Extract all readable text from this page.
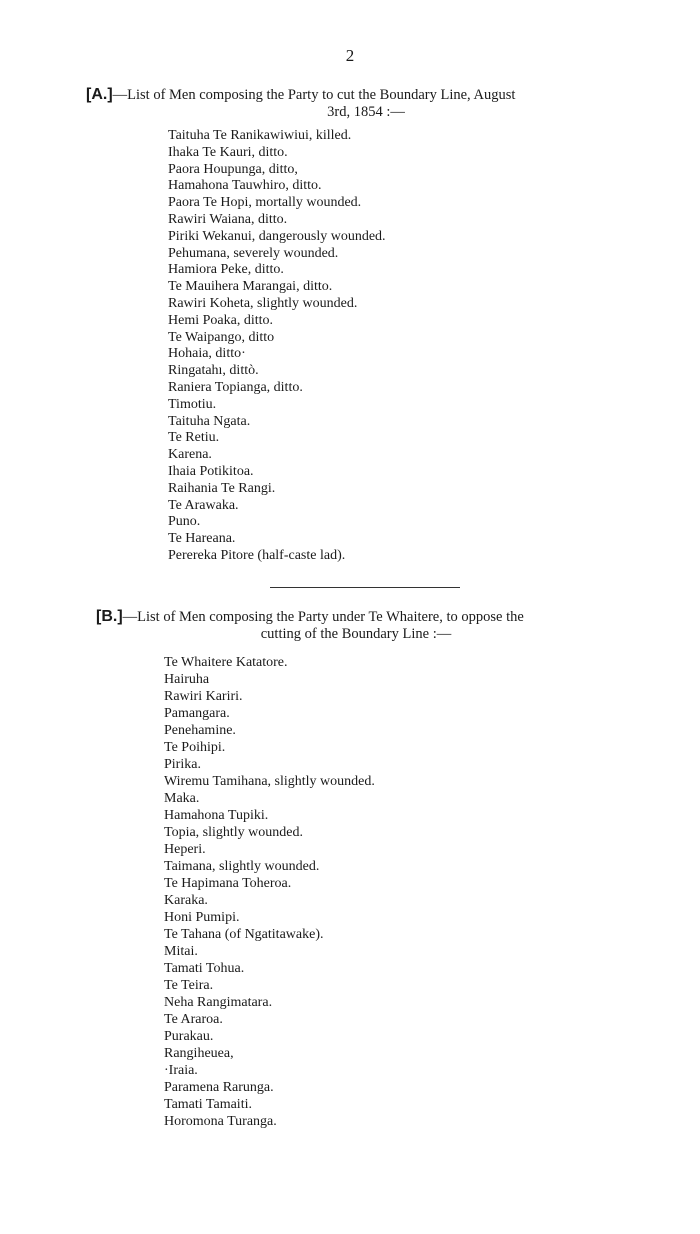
2
[A.]—List of Men composing the Party to cut the Boundary Line, August
3rd, 1854 :—
Taituha Te Ranikawiwiui, killed.
Ihaka Te Kauri, ditto.
Paora Houpunga, ditto,
Hamahona Tauwhiro, ditto.
Paora Te Hopi, mortally wounded.
Rawiri Waiana, ditto.
Piriki Wekanui, dangerously wounded.
Pehumana, severely wounded.
Hamiora Peke, ditto.
Te Mauihera Marangai, ditto.
Rawiri Koheta, slightly wounded.
Hemi Poaka, ditto.
Te Waipango, ditto
Hohaia, ditto·
Ringatahı, dittò.
Raniera Topianga, ditto.
Timotiu.
Taituha Ngata.
Te Retiu.
Karena.
Ihaia Potikitoa.
Raihania Te Rangi.
Te Arawaka.
Puno.
Te Hareana.
Perereka Pitore (half-caste lad).
[B.]—List of Men composing the Party under Te Whaitere, to oppose the
cutting of the Boundary Line :—
Te Whaitere Katatore.
Hairuha
Rawiri Kariri.
Pamangara.
Penehamine.
Te Poihipi.
Pirika.
Wiremu Tamihana, slightly wounded.
Maka.
Hamahona Tupiki.
Topia, slightly wounded.
Heperi.
Taimana, slightly wounded.
Te Hapimana Toheroa.
Karaka.
Honi Pumipi.
Te Tahana (of Ngatitawake).
Mitai.
Tamati Tohua.
Te Teira.
Neha Rangimatara.
Te Araroa.
Purakau.
Rangiheuea,
·Iraia.
Paramena Rarunga.
Tamati Tamaiti.
Horomona Turanga.
